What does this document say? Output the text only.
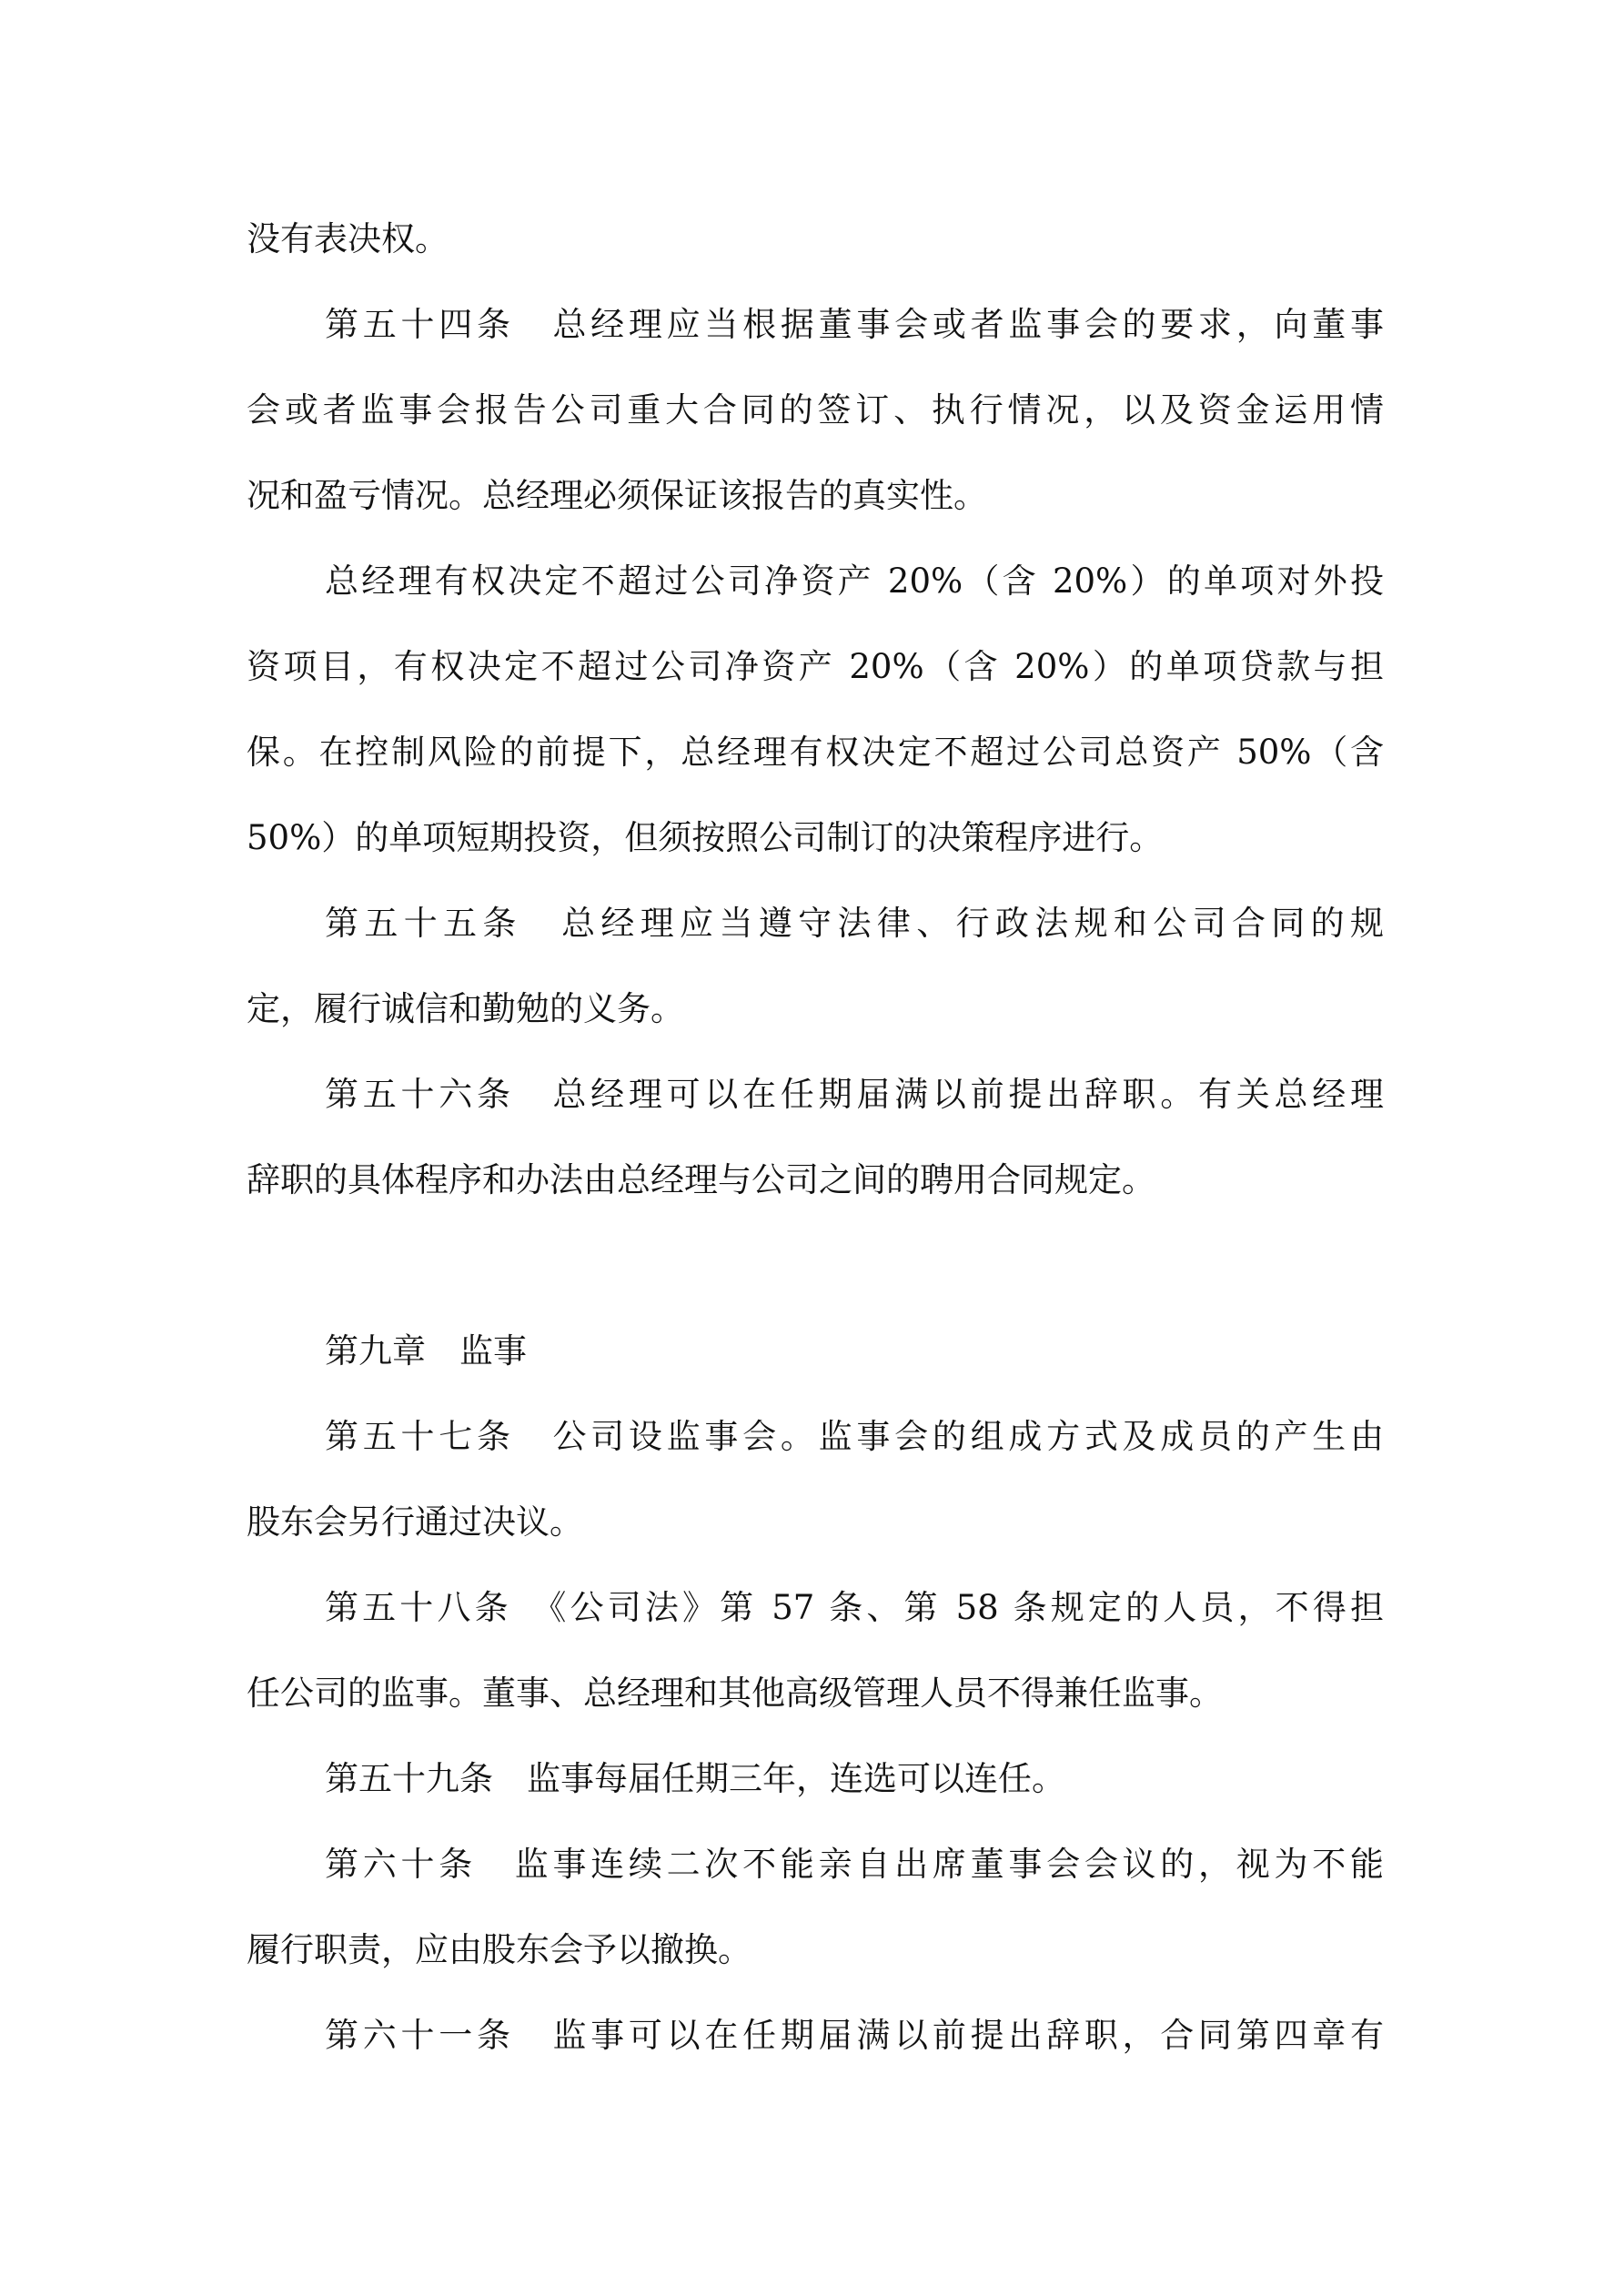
没有表决权。
第五十四条　总经理应当根据董事会或者监事会的要求，向董事
会或者监事会报告公司重大合同的签订、执行情况，以及资金运用情
况和盈亏情况。总经理必须保证该报告的真实性。
总经理有权决定不超过公司净资产 20%（含 20%）的单项对外投
资项目，有权决定不超过公司净资产 20%（含 20%）的单项贷款与担
保。在控制风险的前提下，总经理有权决定不超过公司总资产 50%（含
50%）的单项短期投资，但须按照公司制订的决策程序进行。
第五十五条　总经理应当遵守法律、行政法规和公司合同的规
定，履行诚信和勤勉的义务。
第五十六条　总经理可以在任期届满以前提出辞职。有关总经理
辞职的具体程序和办法由总经理与公司之间的聘用合同规定。
第九章　监事
第五十七条　公司设监事会。监事会的组成方式及成员的产生由
股东会另行通过决议。
第五十八条　《公司法》第 57 条、第 58 条规定的人员，不得担
任公司的监事。董事、总经理和其他高级管理人员不得兼任监事。
第五十九条　监事每届任期三年，连选可以连任。
第六十条　监事连续二次不能亲自出席董事会会议的，视为不能
履行职责，应由股东会予以撤换。
第六十一条　监事可以在任期届满以前提出辞职，合同第四章有
